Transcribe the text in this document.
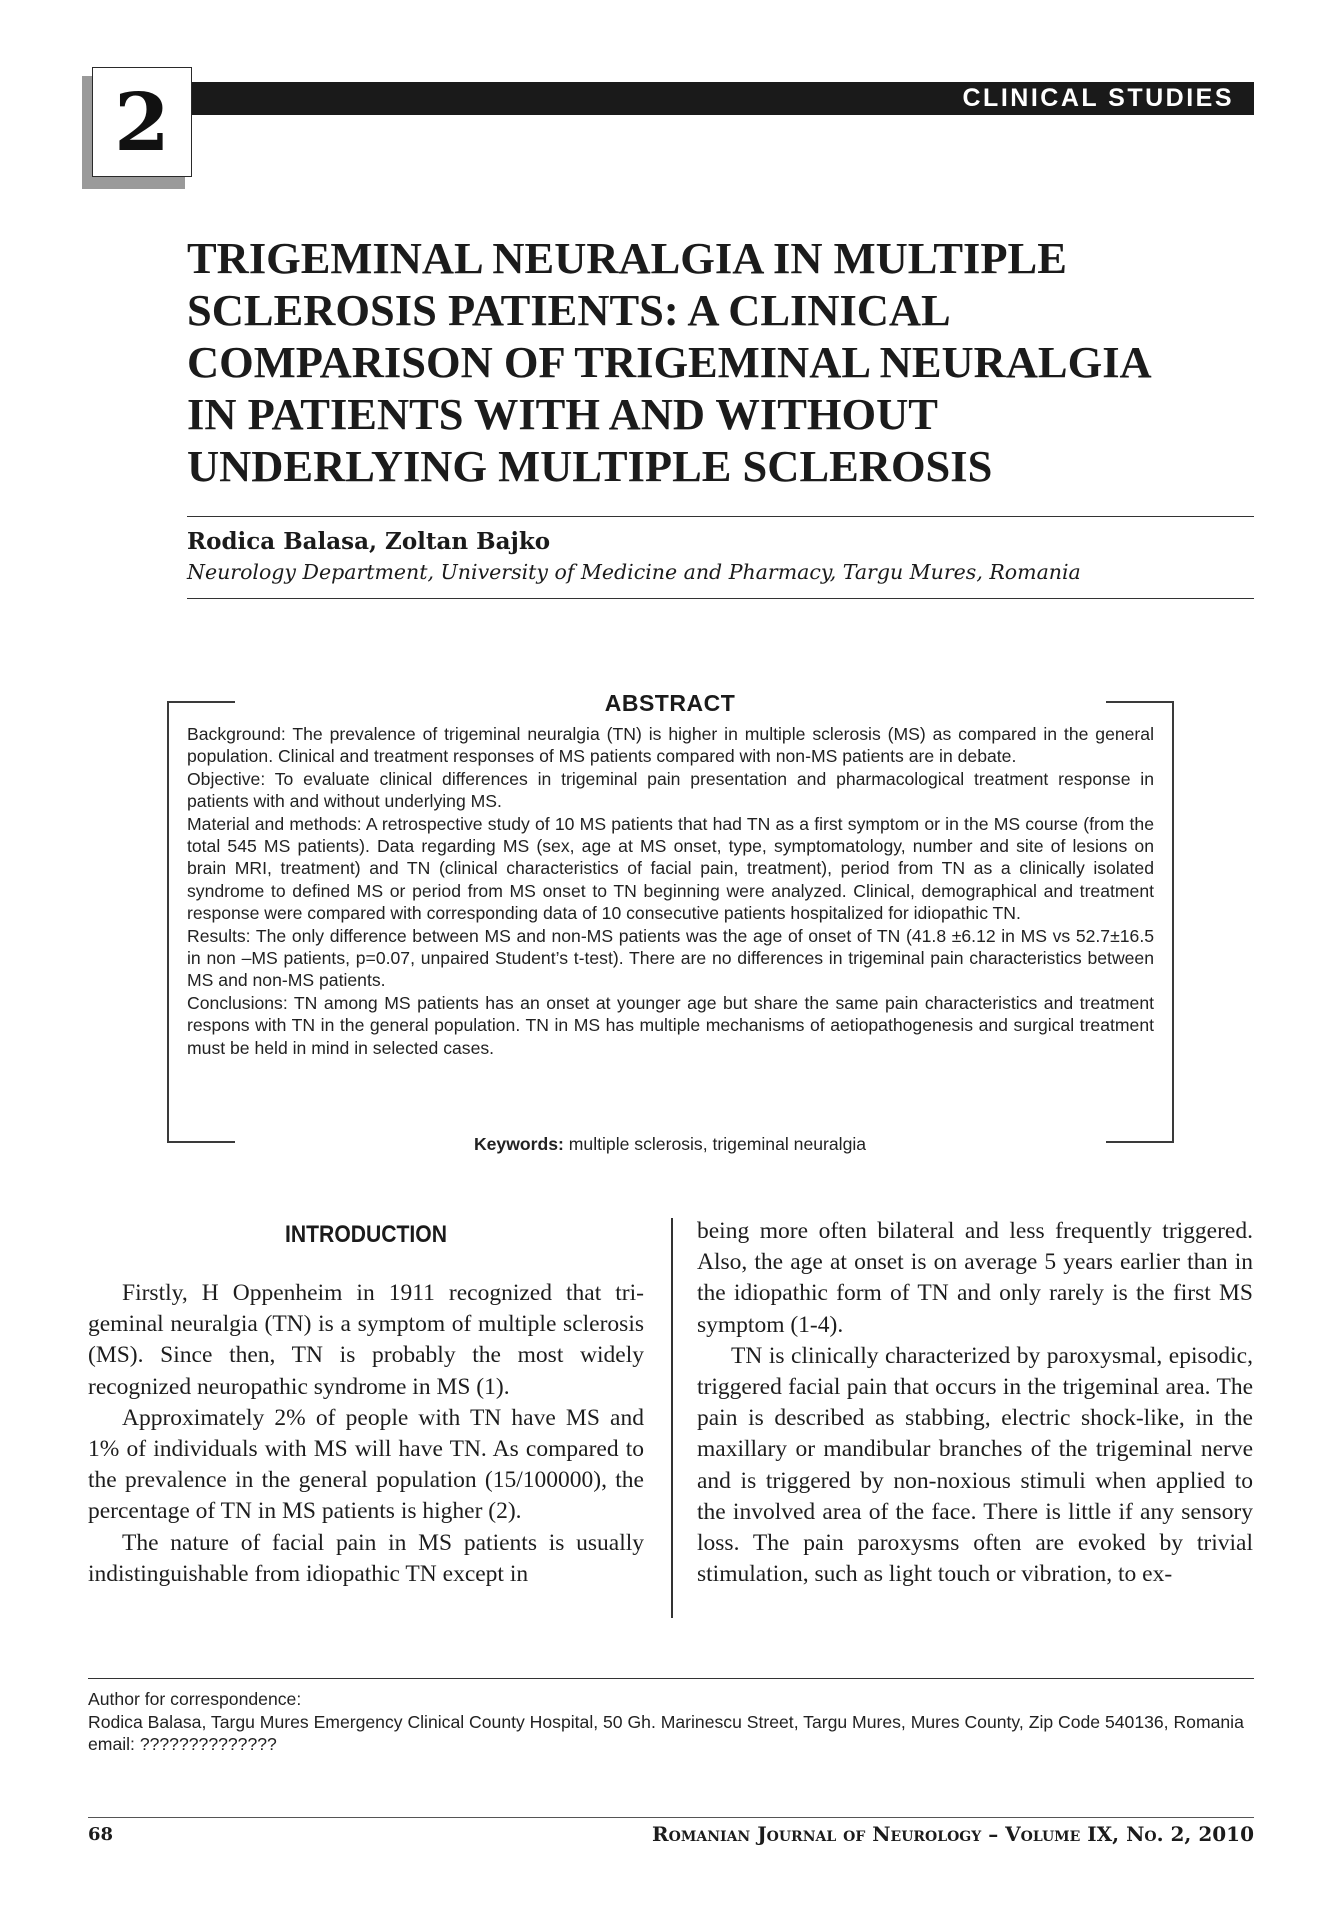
2	CLINICAL STUDIES
TRIGEMINAL NEURALGIA IN MULTIPLE
SCLEROSIS PATIENTS: A CLINICAL
COMPARISON OF TRIGEMINAL NEURALGIA
IN PATIENTS WITH AND WITHOUT
UNDERLYING MULTIPLE SCLEROSIS

Rodica Balasa, Zoltan Bajko

Neurology Department, University of Medicine and Pharmacy, Targu Mures, Romania

ABSTRACT

Background: The prevalence of trigeminal neuralgia (TN) is higher in multiple sclerosis (MS) as compared in the general population. Clinical and treatment responses of MS patients compared with non-MS patients are in debate.

Objective: To evaluate clinical differences in trigeminal pain presentation and pharmacological treatment response in patients with and without underlying MS.

Material and methods: A retrospective study of 10 MS patients that had TN as a first symptom or in the MS course (from the total 545 MS patients). Data regarding MS (sex, age at MS onset, type, symptomatology, number and site of lesions on brain MRI, treatment) and TN (clinical characteristics of facial pain, treatment), period from TN as a clinically isolated syndrome to defined MS or period from MS onset to TN beginning were analyzed. Clinical, demographical and treatment response were compared with corresponding data of 10 consecutive patients hospitalized for idiopathic TN.

Results: The only difference between MS and non-MS patients was the age of onset of TN (41.8 ±6.12 in MS vs 52.7±16.5 in non –MS patients, p=0.07, unpaired Student’s t-test). There are no differences in trigeminal pain characteristics between MS and non-MS patients.

Conclusions: TN among MS patients has an onset at younger age but share the same pain characteristics and treatment respons with TN in the general population. TN in MS has multiple mechanisms of aetiopathogenesis and surgical treatment must be held in mind in selected cases.

Keywords: multiple sclerosis, trigeminal neuralgia

INTRODUCTION

Firstly, H Oppenheim in 1911 recognized that trigeminal neuralgia (TN) is a symptom of multiple sclerosis (MS). Since then, TN is probably the most widely recognized neuropathic syndrome in MS (1).

Approximately 2% of people with TN have MS and 1% of individuals with MS will have TN. As compared to the prevalence in the general population (15/100000), the percentage of TN in MS patients is higher (2).

The nature of facial pain in MS patients is usually indistinguishable from idiopathic TN except in

being more often bilateral and less frequently triggered. Also, the age at onset is on average 5 years earlier than in the idiopathic form of TN and only rarely is the first MS symptom (1-4).

TN is clinically characterized by paroxysmal, episodic, triggered facial pain that occurs in the trigeminal area. The pain is described as stabbing, electric shock-like, in the maxillary or mandibular branches of the trigeminal nerve and is triggered by non-noxious stimuli when applied to the involved area of the face. There is little if any sensory loss. The pain paroxysms often are evoked by trivial stimulation, such as light touch or vibration, to ex-

Author for correspondence:

Rodica Balasa, Targu Mures Emergency Clinical County Hospital, 50 Gh. Marinescu Street, Targu Mures, Mures County, Zip Code 540136, Romania

email: ??????????????

68	Romanian Journal of Neurology – Volume IX, No. 2, 2010
